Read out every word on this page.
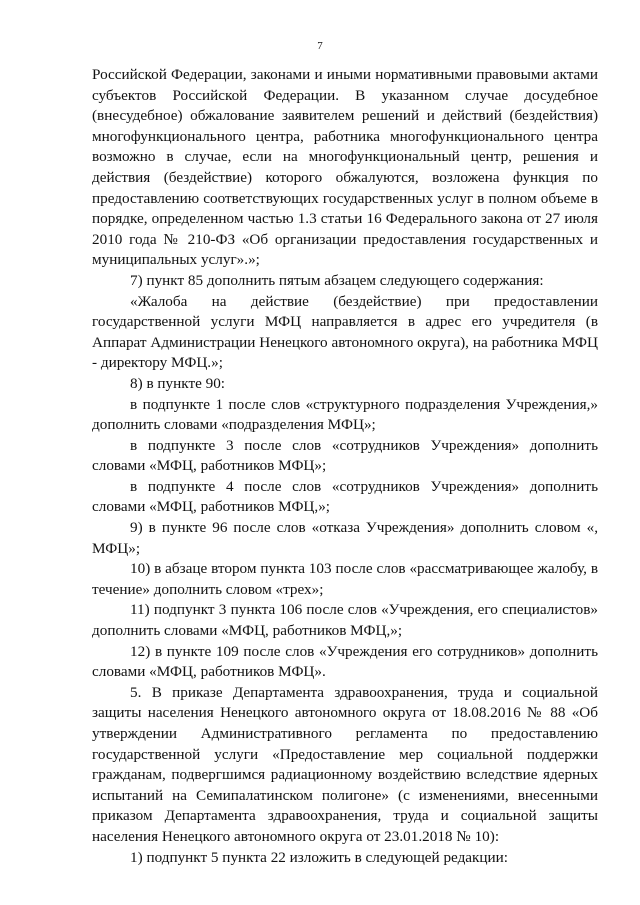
7

Российской Федерации, законами и иными нормативными правовыми актами субъектов Российской Федерации. В указанном случае досудебное (внесудебное) обжалование заявителем решений и действий (бездействия) многофункционального центра, работника многофункционального центра возможно в случае, если на многофункциональный центр, решения и действия (бездействие) которого обжалуются, возложена функция по предоставлению соответствующих государственных услуг в полном объеме в порядке, определенном частью 1.3 статьи 16 Федерального закона от 27 июля 2010 года № 210-ФЗ «Об организации предоставления государственных и муниципальных услуг».»;

7) пункт 85 дополнить пятым абзацем следующего содержания:

«Жалоба на действие (бездействие) при предоставлении государственной услуги МФЦ направляется в адрес его учредителя (в Аппарат Администрации Ненецкого автономного округа), на работника МФЦ - директору МФЦ.»;

8) в пункте 90:

в подпункте 1 после слов «структурного подразделения Учреждения,» дополнить словами «подразделения МФЦ»;

в подпункте 3 после слов «сотрудников Учреждения» дополнить словами «МФЦ, работников МФЦ»;

в подпункте 4 после слов «сотрудников Учреждения» дополнить словами «МФЦ, работников МФЦ,»;

9) в пункте 96 после слов «отказа Учреждения» дополнить словом «, МФЦ»;

10) в абзаце втором пункта 103 после слов «рассматривающее жалобу, в течение» дополнить словом «трех»;

11) подпункт 3 пункта 106 после слов «Учреждения, его специалистов» дополнить словами «МФЦ, работников МФЦ,»;

12) в пункте 109 после слов «Учреждения его сотрудников» дополнить словами «МФЦ, работников МФЦ».

5. В приказе Департамента здравоохранения, труда и социальной защиты населения Ненецкого автономного округа от 18.08.2016 № 88 «Об утверждении Административного регламента по предоставлению государственной услуги «Предоставление мер социальной поддержки гражданам, подвергшимся радиационному воздействию вследствие ядерных испытаний на Семипалатинском полигоне» (с изменениями, внесенными приказом Департамента здравоохранения, труда и социальной защиты населения Ненецкого автономного округа от 23.01.2018 № 10):

1) подпункт 5 пункта 22 изложить в следующей редакции:
